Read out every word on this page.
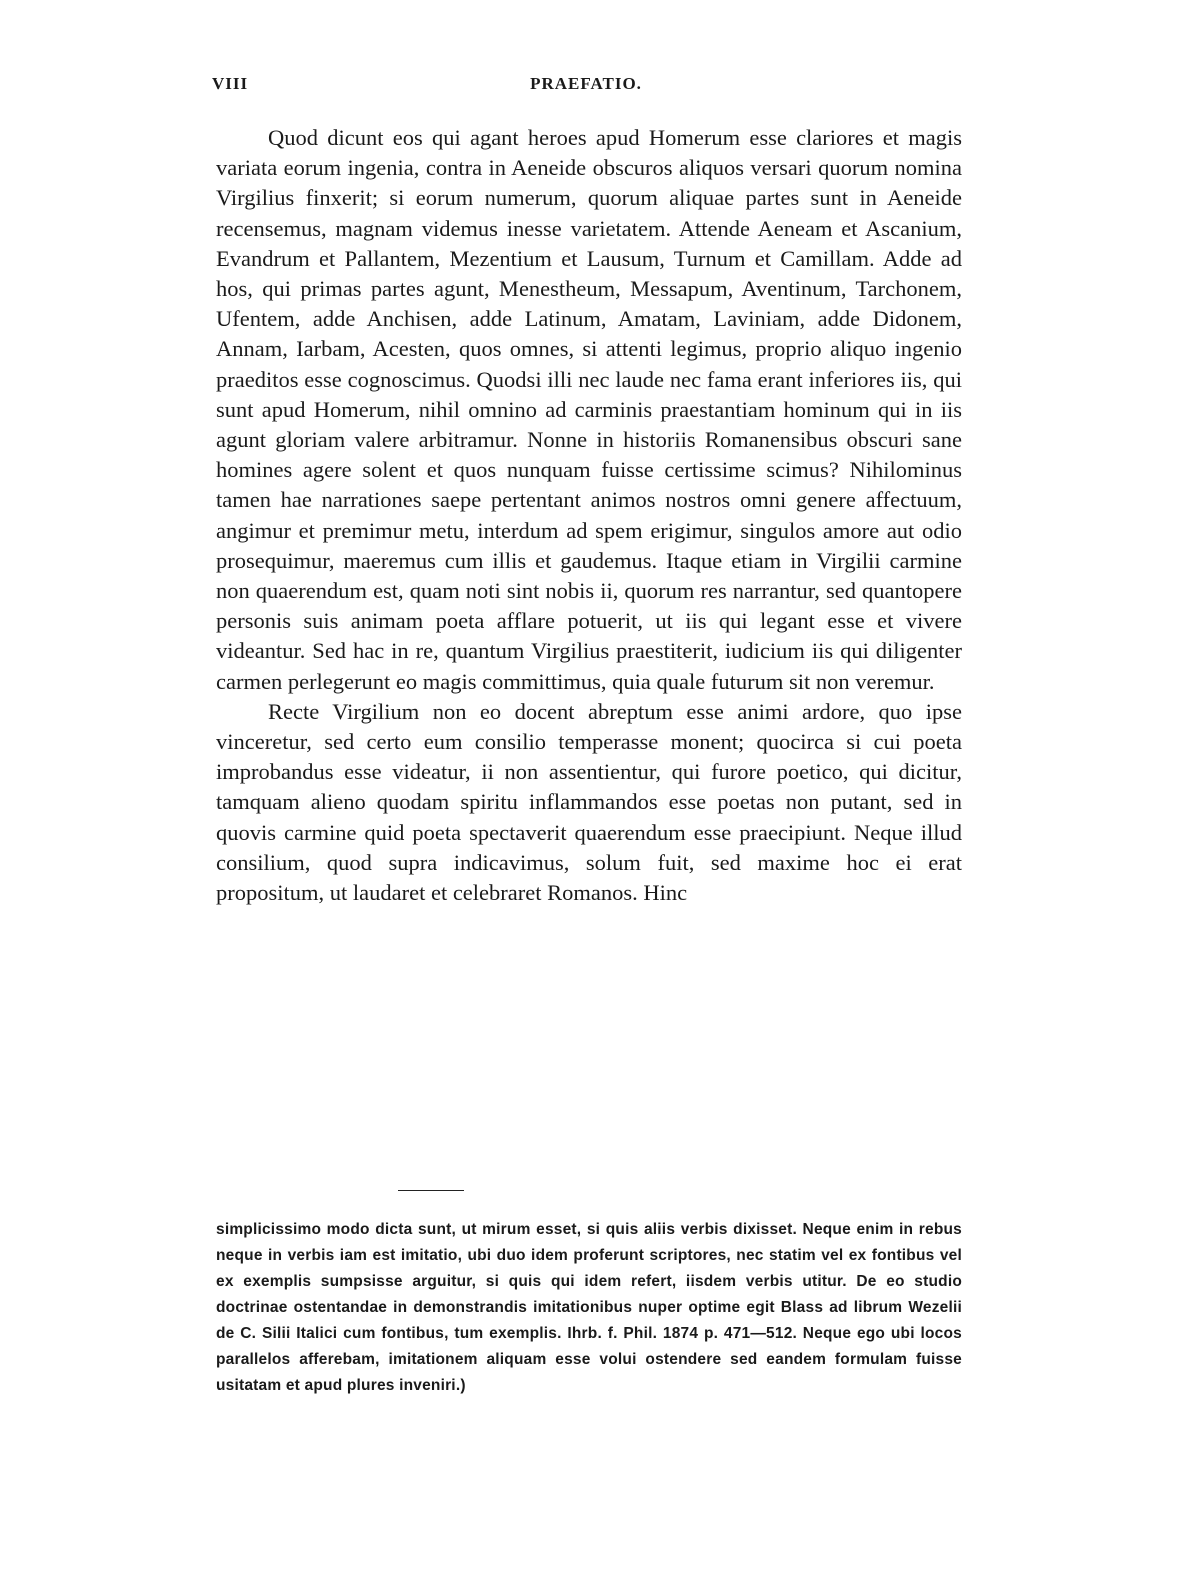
VIII	PRAEFATIO.

Quod dicunt eos qui agant heroes apud Homerum esse clariores et magis variata eorum ingenia, contra in Aeneide obscuros aliquos versari quorum nomina Virgilius finxerit; si eorum numerum, quorum aliquae partes sunt in Aeneide recensemus, magnam videmus inesse varietatem. Attende Aeneam et Ascanium, Evandrum et Pallantem, Mezentium et Lausum, Turnum et Camillam. Adde ad hos, qui primas partes agunt, Menestheum, Messapum, Aventinum, Tarchonem, Ufentem, adde Anchisen, adde Latinum, Amatam, Laviniam, adde Didonem, Annam, Iarbam, Acesten, quos omnes, si attenti legimus, proprio aliquo ingenio praeditos esse cognoscimus. Quodsi illi nec laude nec fama erant inferiores iis, qui sunt apud Homerum, nihil omnino ad carminis praestantiam hominum qui in iis agunt gloriam valere arbitramur. Nonne in historiis Romanensibus obscuri sane homines agere solent et quos nunquam fuisse certissime scimus? Nihilominus tamen hae narrationes saepe pertentant animos nostros omni genere affectuum, angimur et premimur metu, interdum ad spem erigimur, singulos amore aut odio prosequimur, maeremus cum illis et gaudemus. Itaque etiam in Virgilii carmine non quaerendum est, quam noti sint nobis ii, quorum res narrantur, sed quantopere personis suis animam poeta afflare potuerit, ut iis qui legant esse et vivere videantur. Sed hac in re, quantum Virgilius praestiterit, iudicium iis qui diligenter carmen perlegerunt eo magis committimus, quia quale futurum sit non veremur.

Recte Virgilium non eo docent abreptum esse animi ardore, quo ipse vinceretur, sed certo eum consilio temperasse monent; quocirca si cui poeta improbandus esse videatur, ii non assentientur, qui furore poetico, qui dicitur, tamquam alieno quodam spiritu inflammandos esse poetas non putant, sed in quovis carmine quid poeta spectaverit quaerendum esse praecipiunt. Neque illud consilium, quod supra indicavimus, solum fuit, sed maxime hoc ei erat propositum, ut laudaret et celebraret Romanos. Hinc

simplicissimo modo dicta sunt, ut mirum esset, si quis aliis verbis dixisset. Neque enim in rebus neque in verbis iam est imitatio, ubi duo idem proferunt scriptores, nec statim vel ex fontibus vel ex exemplis sumpsisse arguitur, si quis qui idem refert, iisdem verbis utitur. De eo studio doctrinae ostentandae in demonstrandis imitationibus nuper optime egit Blass ad librum Wezelii de C. Silii Italici cum fontibus, tum exemplis. Ihrb. f. Phil. 1874 p. 471—512. Neque ego ubi locos parallelos afferebam, imitationem aliquam esse volui ostendere sed eandem formulam fuisse usitatam et apud plures inveniri.)
